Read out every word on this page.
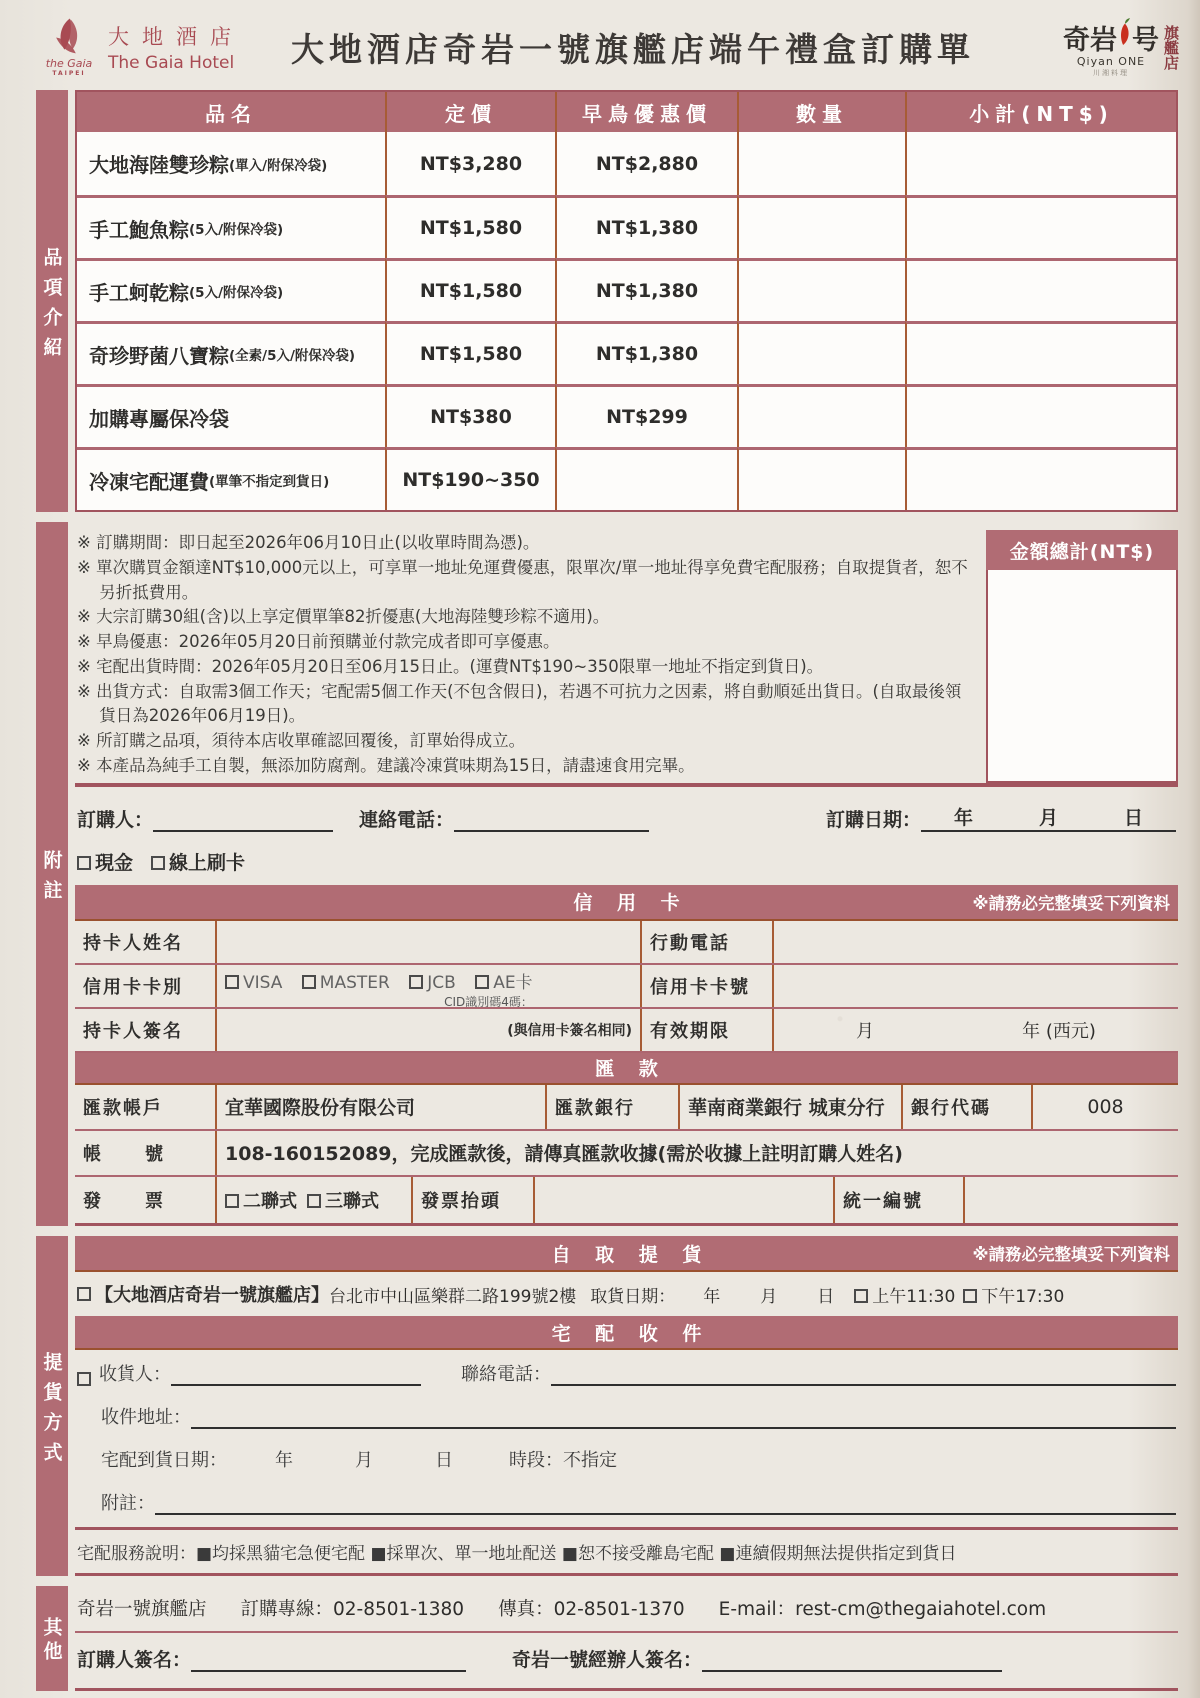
the Gaia
TAIPEI
大地酒店
The Gaia Hotel	大地酒店奇岩一號旗艦店端午禮盒訂購單	奇岩 号
Qiyan ONE
川湘料理
旗艦店
品項介紹
品名	定價	早鳥優惠價	數量	小計(NT$)
大地海陸雙珍粽 (單入/附保冷袋)	NT$3,280	NT$2,880
手工鮑魚粽 (5入/附保冷袋)	NT$1,580	NT$1,380
手工蚵乾粽 (5入/附保冷袋)	NT$1,580	NT$1,380
奇珍野菌八寶粽 (全素/5入/附保冷袋)	NT$1,580	NT$1,380
加購專屬保冷袋	NT$380	NT$299
冷凍宅配運費 (單筆不指定到貨日)	NT$190~350
附註
※ 訂購期間：即日起至2026年06月10日止(以收單時間為憑)。
※ 單次購買金額達NT$10,000元以上，可享單一地址免運費優惠，限單次/單一地址得享免費宅配服務；自取提貨者，恕不另折抵費用。
※ 大宗訂購30組(含)以上享定價單筆82折優惠(大地海陸雙珍粽不適用)。
※ 早鳥優惠：2026年05月20日前預購並付款完成者即可享優惠。
※ 宅配出貨時間：2026年05月20日至06月15日止。(運費NT$190~350限單一地址不指定到貨日)。
※ 出貨方式：自取需3個工作天；宅配需5個工作天(不包含假日)，若遇不可抗力之因素，將自動順延出貨日。(自取最後領貨日為2026年06月19日)。
※ 所訂購之品項，須待本店收單確認回覆後，訂單始得成立。
※ 本產品為純手工自製，無添加防腐劑。建議冷凍賞味期為15日，請盡速食用完畢。
金額總計(NT$)
訂購人：	連絡電話：	訂購日期： 年	月	日
現金	線上刷卡
信 用 卡	※請務必完整填妥下列資料
持卡人姓名	行動電話
信用卡卡別	VISA MASTER JCB AE卡
CID識別碼4碼：
信用卡卡號
持卡人簽名	(與信用卡簽名相同)	有效期限	月	年 (西元)
匯 款
匯款帳戶	宜華國際股份有限公司	匯款銀行	華南商業銀行 城東分行	銀行代碼	008
帳號 108-160152089，完成匯款後，請傳真匯款收據(需於收據上註明訂購人姓名)
發票	二聯式	三聯式	發票抬頭	統一編號
提貨方式
自 取 提 貨	※請務必完整填妥下列資料
【大地酒店奇岩一號旗艦店】 台北市中山區樂群二路199號2樓 取貨日期： 年 月 日	上午11:30	下午17:30
宅 配 收 件
收貨人：	聯絡電話：
收件地址：
宅配到貨日期：	年	月	日	時段：不指定
附註：
宅配服務說明：■均採黑貓宅急便宅配 ■採單次、單一地址配送 ■恕不接受離島宅配 ■連續假期無法提供指定到貨日
其他
奇岩一號旗艦店 訂購專線：02-8501-1380 傳真：02-8501-1370 E-mail：rest-cm@thegaiahotel.com
訂購人簽名：	奇岩一號經辦人簽名：
